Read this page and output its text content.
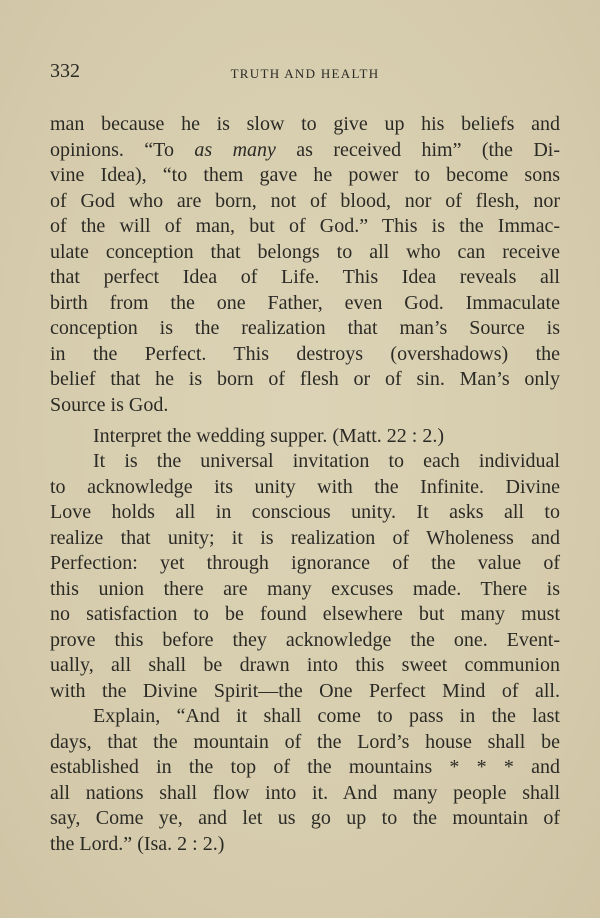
332	TRUTH AND HEALTH
man because he is slow to give up his beliefs and
opinions. “To as many as received him” (the Di-
vine Idea), “to them gave he power to become sons
of God who are born, not of blood, nor of flesh, nor
of the will of man, but of God.” This is the Immac-
ulate conception that belongs to all who can receive
that perfect Idea of Life. This Idea reveals all
birth from the one Father, even God. Immaculate
conception is the realization that man’s Source is
in the Perfect. This destroys (overshadows) the
belief that he is born of flesh or of sin. Man’s only
Source is God.
Interpret the wedding supper. (Matt. 22 : 2.)
It is the universal invitation to each individual
to acknowledge its unity with the Infinite. Divine
Love holds all in conscious unity. It asks all to
realize that unity; it is realization of Wholeness and
Perfection: yet through ignorance of the value of
this union there are many excuses made. There is
no satisfaction to be found elsewhere but many must
prove this before they acknowledge the one. Event-
ually, all shall be drawn into this sweet communion
with the Divine Spirit—the One Perfect Mind of all.
Explain, “And it shall come to pass in the last
days, that the mountain of the Lord’s house shall be
established in the top of the mountains * * * and
all nations shall flow into it. And many people shall
say, Come ye, and let us go up to the mountain of
the Lord.” (Isa. 2 : 2.)
